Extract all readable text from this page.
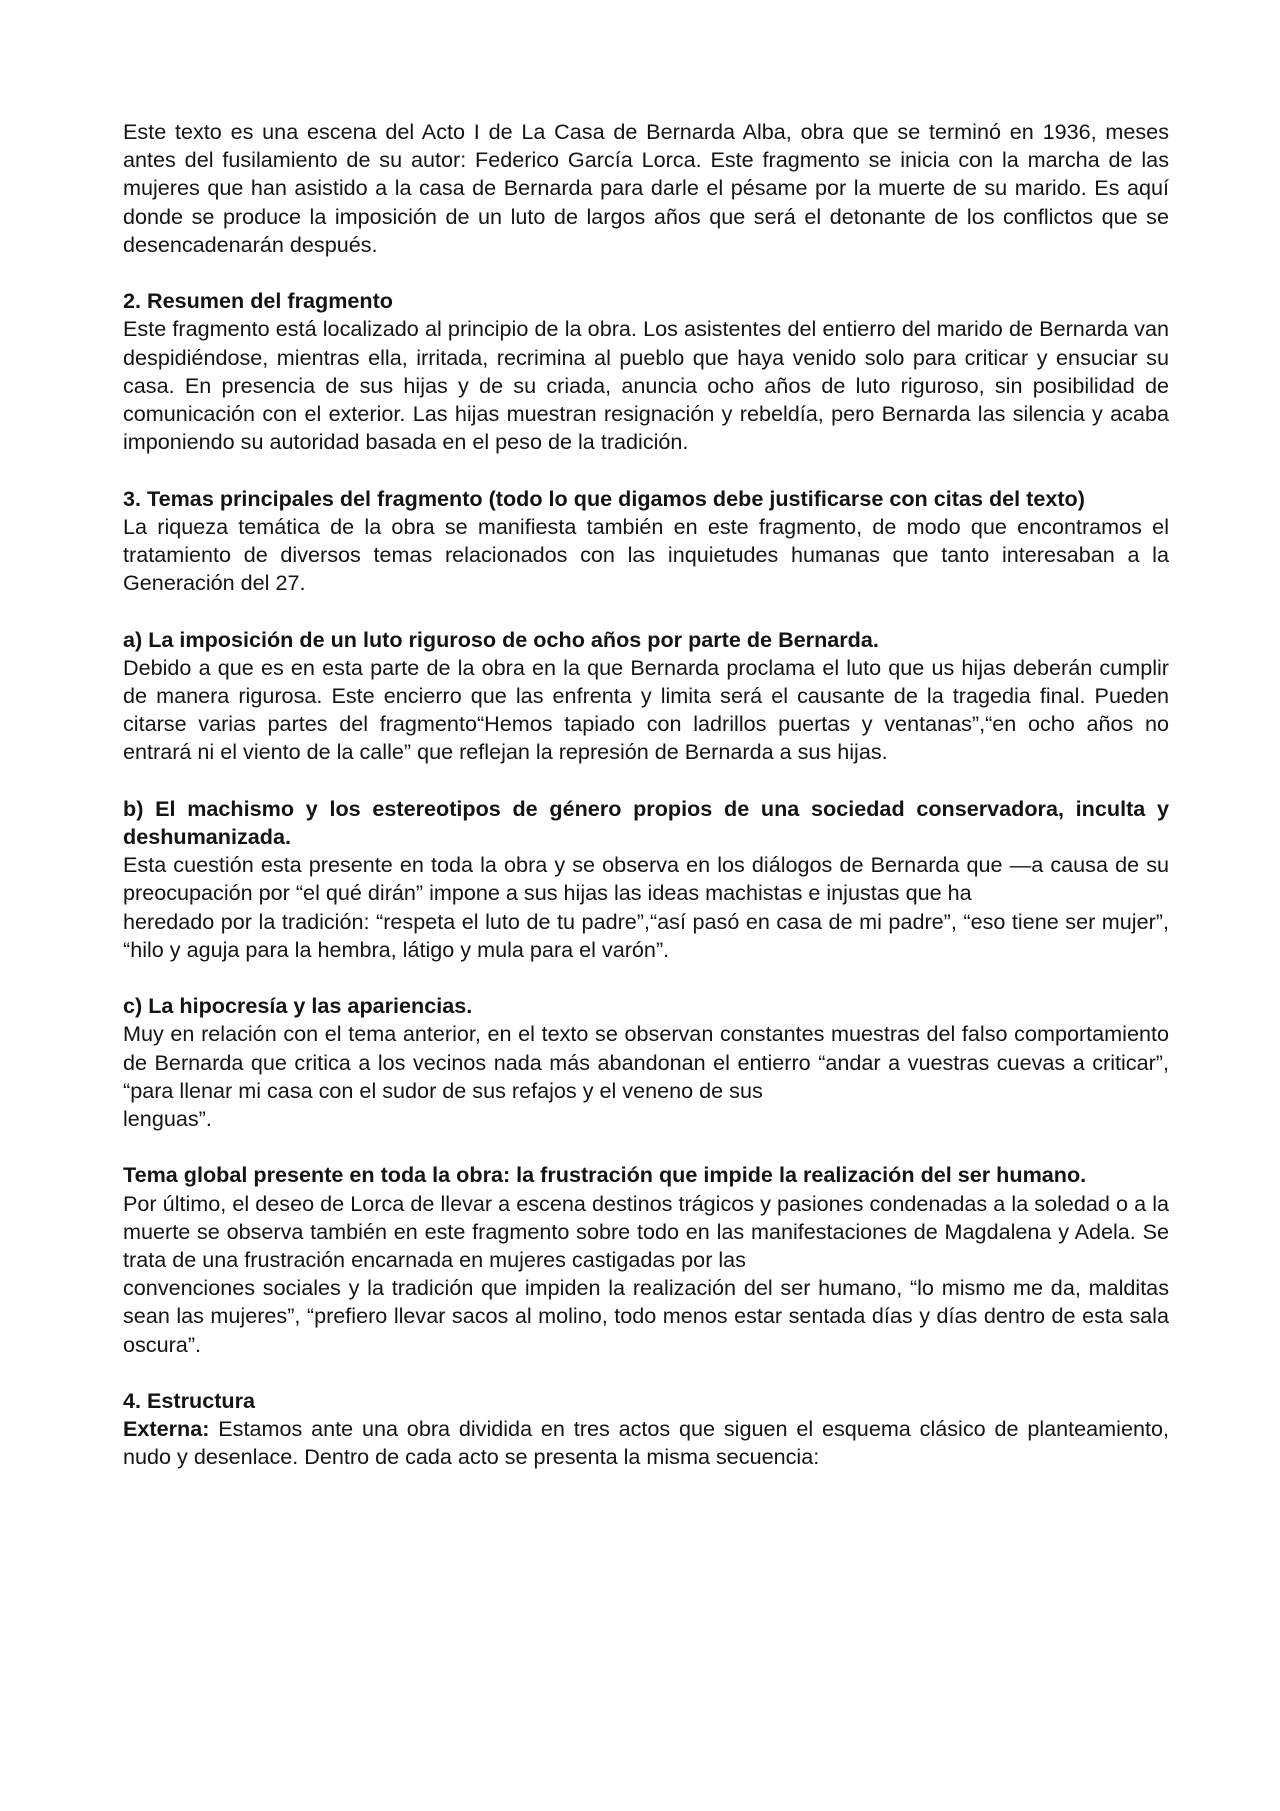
Este texto es una escena del Acto I de La Casa de Bernarda Alba, obra que se terminó en 1936, meses antes del fusilamiento de su autor: Federico García Lorca. Este fragmento se inicia con la marcha de las mujeres que han asistido a la casa de Bernarda para darle el pésame por la muerte de su marido. Es aquí donde se produce la imposición de un luto de largos años que será el detonante de los conflictos que se desencadenarán después.

2. Resumen del fragmento

Este fragmento está localizado al principio de la obra. Los asistentes del entierro del marido de Bernarda van despidiéndose, mientras ella, irritada, recrimina al pueblo que haya venido solo para criticar y ensuciar su casa. En presencia de sus hijas y de su criada, anuncia ocho años de luto riguroso, sin posibilidad de comunicación con el exterior. Las hijas muestran resignación y rebeldía, pero Bernarda las silencia y acaba imponiendo su autoridad basada en el peso de la tradición.

3. Temas principales del fragmento (todo lo que digamos debe justificarse con citas del texto)

La riqueza temática de la obra se manifiesta también en este fragmento, de modo que encontramos el tratamiento de diversos temas relacionados con las inquietudes humanas que tanto interesaban a la Generación del 27.

a) La imposición de un luto riguroso de ocho años por parte de Bernarda.

Debido a que es en esta parte de la obra en la que Bernarda proclama el luto que us hijas deberán cumplir de manera rigurosa. Este encierro que las enfrenta y limita será el causante de la tragedia final. Pueden citarse varias partes del fragmento“Hemos tapiado con ladrillos puertas y ventanas”,“en ocho años no entrará ni el viento de la calle” que reflejan la represión de Bernarda a sus hijas.

b) El machismo y los estereotipos de género propios de una sociedad conservadora, inculta y deshumanizada.

Esta cuestión esta presente en toda la obra y se observa en los diálogos de Bernarda que —a causa de su preocupación por “el qué dirán” impone a sus hijas las ideas machistas e injustas que ha

heredado por la tradición: “respeta el luto de tu padre”,“así pasó en casa de mi padre”, “eso tiene ser mujer”, “hilo y aguja para la hembra, látigo y mula para el varón”.

c) La hipocresía y las apariencias.

Muy en relación con el tema anterior, en el texto se observan constantes muestras del falso comportamiento de Bernarda que critica a los vecinos nada más abandonan el entierro “andar a vuestras cuevas a criticar”, “para llenar mi casa con el sudor de sus refajos y el veneno de sus

lenguas”.

Tema global presente en toda la obra: la frustración que impide la realización del ser humano.

Por último, el deseo de Lorca de llevar a escena destinos trágicos y pasiones condenadas a la soledad o a la muerte se observa también en este fragmento sobre todo en las manifestaciones de Magdalena y Adela. Se trata de una frustración encarnada en mujeres castigadas por las

convenciones sociales y la tradición que impiden la realización del ser humano, “lo mismo me da, malditas sean las mujeres”, “prefiero llevar sacos al molino, todo menos estar sentada días y días dentro de esta sala oscura”.

4. Estructura

Externa: Estamos ante una obra dividida en tres actos que siguen el esquema clásico de planteamiento, nudo y desenlace. Dentro de cada acto se presenta la misma secuencia:
